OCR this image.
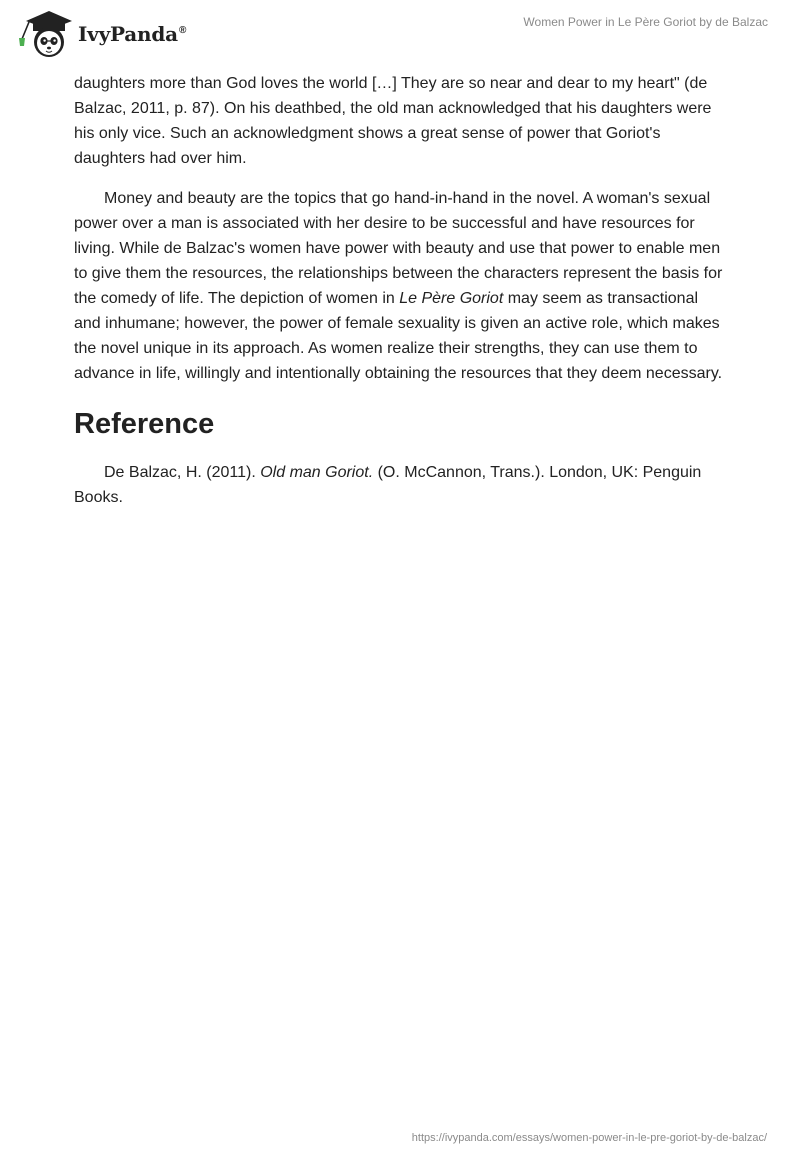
IvyPanda®
Women Power in Le Père Goriot by de Balzac

daughters more than God loves the world […] They are so near and dear to my heart" (de Balzac, 2011, p. 87). On his deathbed, the old man acknowledged that his daughters were his only vice. Such an acknowledgment shows a great sense of power that Goriot's daughters had over him.

Money and beauty are the topics that go hand-in-hand in the novel. A woman's sexual power over a man is associated with her desire to be successful and have resources for living. While de Balzac's women have power with beauty and use that power to enable men to give them the resources, the relationships between the characters represent the basis for the comedy of life. The depiction of women in Le Père Goriot may seem as transactional and inhumane; however, the power of female sexuality is given an active role, which makes the novel unique in its approach. As women realize their strengths, they can use them to advance in life, willingly and intentionally obtaining the resources that they deem necessary.

Reference

De Balzac, H. (2011). Old man Goriot. (O. McCannon, Trans.). London, UK: Penguin Books.

https://ivypanda.com/essays/women-power-in-le-pre-goriot-by-de-balzac/
